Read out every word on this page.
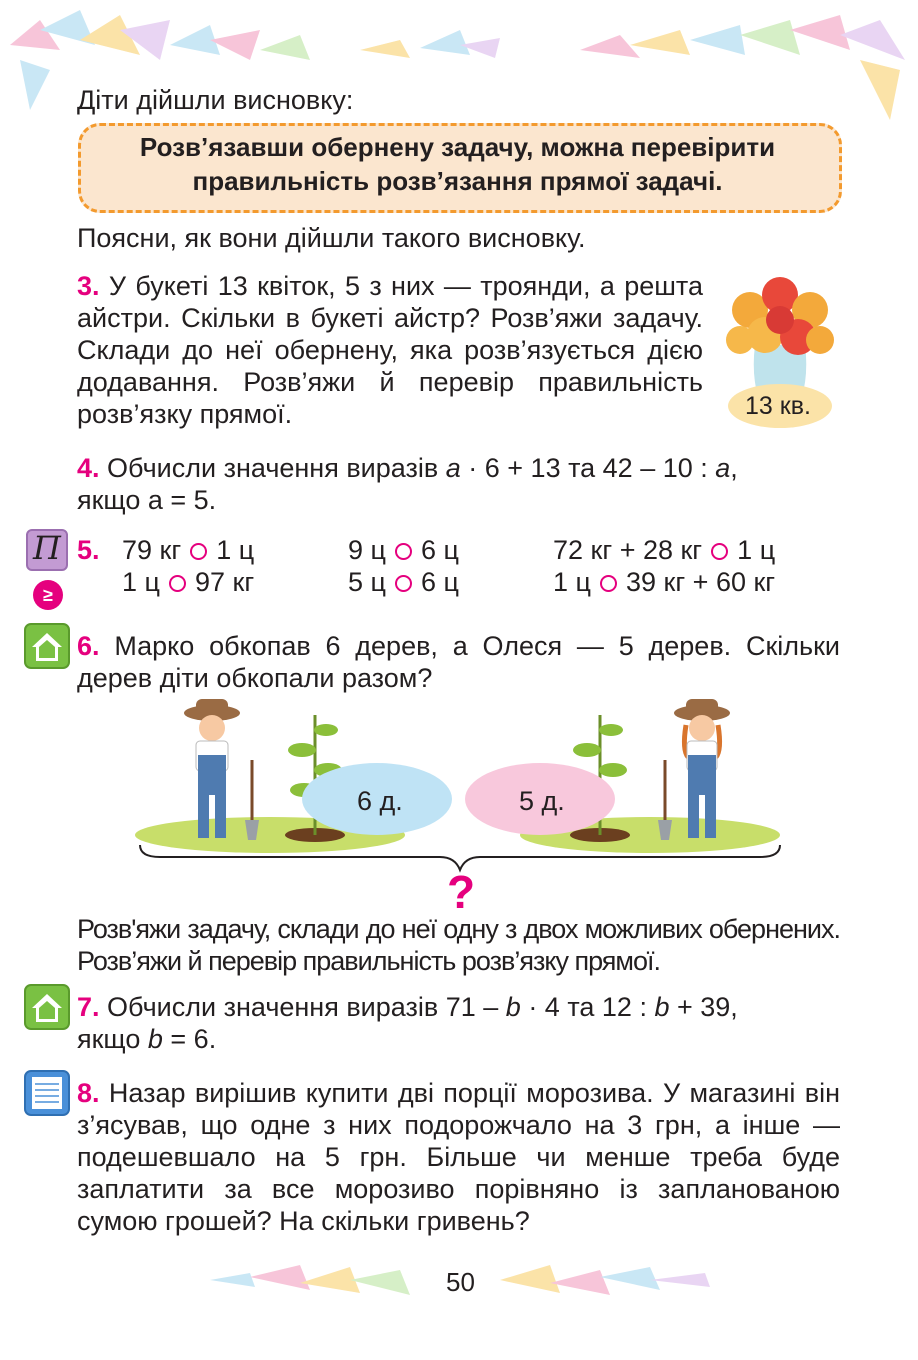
Діти дійшли висновку:
Розв’язавши обернену задачу, можна перевірити правильність розв’язання прямої задачі.
Поясни, як вони дійшли такого висновку.
3. У букеті 13 квіток, 5 з них — троянди, а решта айстри. Скільки в букеті айстр? Розв’яжи задачу. Склади до неї обернену, яка розв’язується дією додавання. Розв’яжи й перевір правильність розв’язку прямої.	13 кв.
4. Обчисли значення виразів а · 6 + 13 та 42 – 10 : а,
якщо а = 5.
Π
≥
5. 79 кг 1 ц
1 ц 97 кг
9 ц 6 ц
5 ц 6 ц
72 кг + 28 кг 1 ц
1 ц 39 кг + 60 кг
6. Марко обкопав 6 дерев, а Олеся — 5 дерев. Скільки дерев діти обкопали разом?
6 д.	5 д.
?
Розв'яжи задачу, склади до неї одну з двох можливих обернених. Розв’яжи й перевір правильність розв’язку прямої.
7. Обчисли значення виразів 71 – b · 4 та 12 : b + 39,
якщо b = 6.
8. Назар вирішив купити дві порції морозива. У магазині він з’ясував, що одне з них подорожчало на 3 грн, а інше — подешевшало на 5 грн. Більше чи менше треба буде заплатити за все морозиво порівняно із запланованою сумою грошей? На скільки гривень?
50
